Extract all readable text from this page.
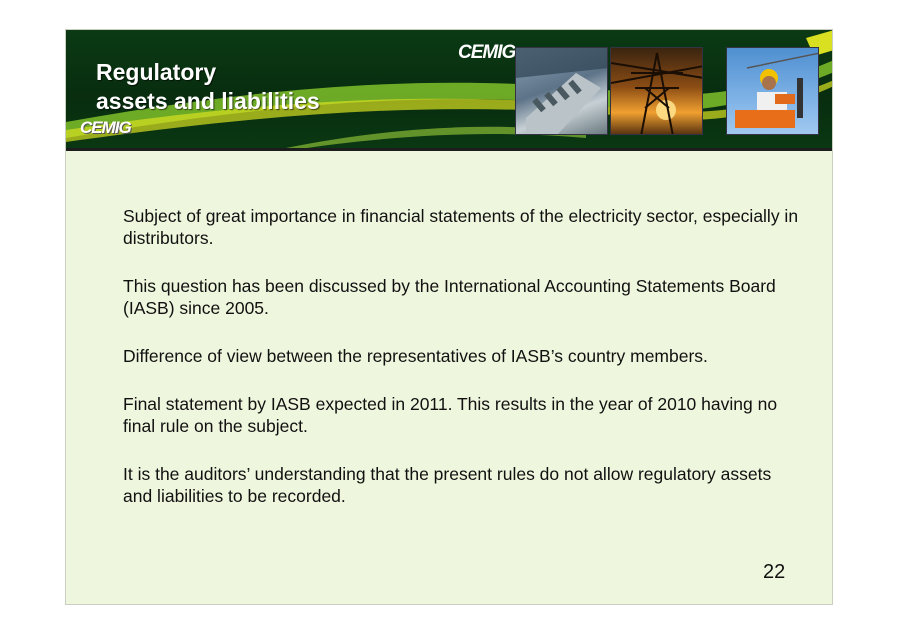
CEMIG
Regulatory
assets and liabilities
CEMIG
Subject of great importance in financial statements of the electricity sector, especially in distributors.
This question has been discussed by the International Accounting Statements Board (IASB) since 2005.
Difference of view between the representatives of IASB’s country members.
Final statement by IASB expected in 2011. This results in the year of 2010 having no final rule on the subject.
It is the auditors’ understanding that the present rules do not allow regulatory assets and liabilities to be recorded.
22
